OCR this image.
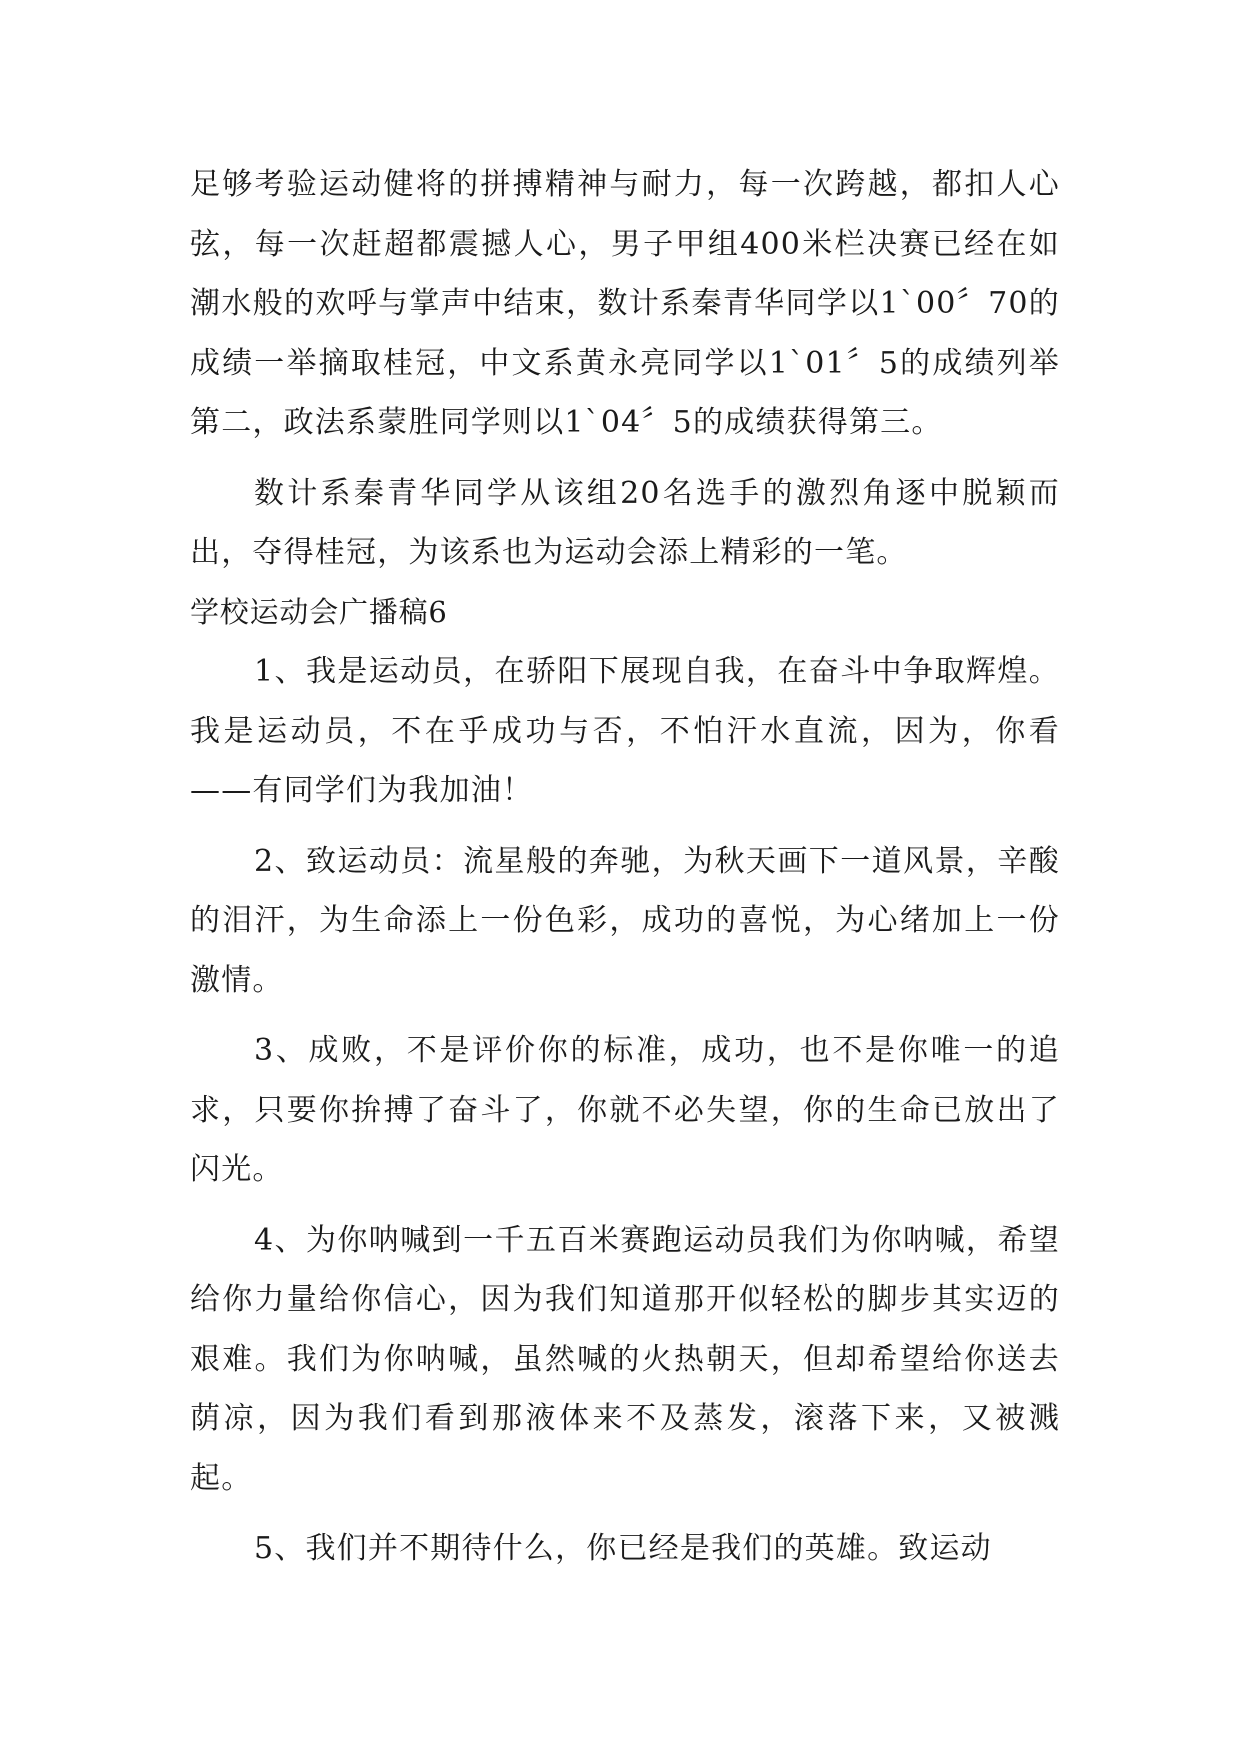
足够考验运动健将的拼搏精神与耐力，每一次跨越，都扣人心弦，每一次赶超都震撼人心，男子甲组400米栏决赛已经在如潮水般的欢呼与掌声中结束，数计系秦青华同学以1`00〞70的成绩一举摘取桂冠，中文系黄永亮同学以1`01〞5的成绩列举第二，政法系蒙胜同学则以1`04〞5的成绩获得第三。

数计系秦青华同学从该组20名选手的激烈角逐中脱颖而出，夺得桂冠，为该系也为运动会添上精彩的一笔。

学校运动会广播稿6

1、我是运动员，在骄阳下展现自我，在奋斗中争取辉煌。我是运动员，不在乎成功与否，不怕汗水直流，因为，你看——有同学们为我加油！

2、致运动员：流星般的奔驰，为秋天画下一道风景，辛酸的泪汗，为生命添上一份色彩，成功的喜悦，为心绪加上一份激情。

3、成败，不是评价你的标准，成功，也不是你唯一的追求，只要你拚搏了奋斗了，你就不必失望，你的生命已放出了闪光。

4、为你呐喊到一千五百米赛跑运动员我们为你呐喊，希望给你力量给你信心，因为我们知道那开似轻松的脚步其实迈的艰难。我们为你呐喊，虽然喊的火热朝天，但却希望给你送去荫凉，因为我们看到那液体来不及蒸发，滚落下来，又被溅起。

5、我们并不期待什么，你已经是我们的英雄。致运动
